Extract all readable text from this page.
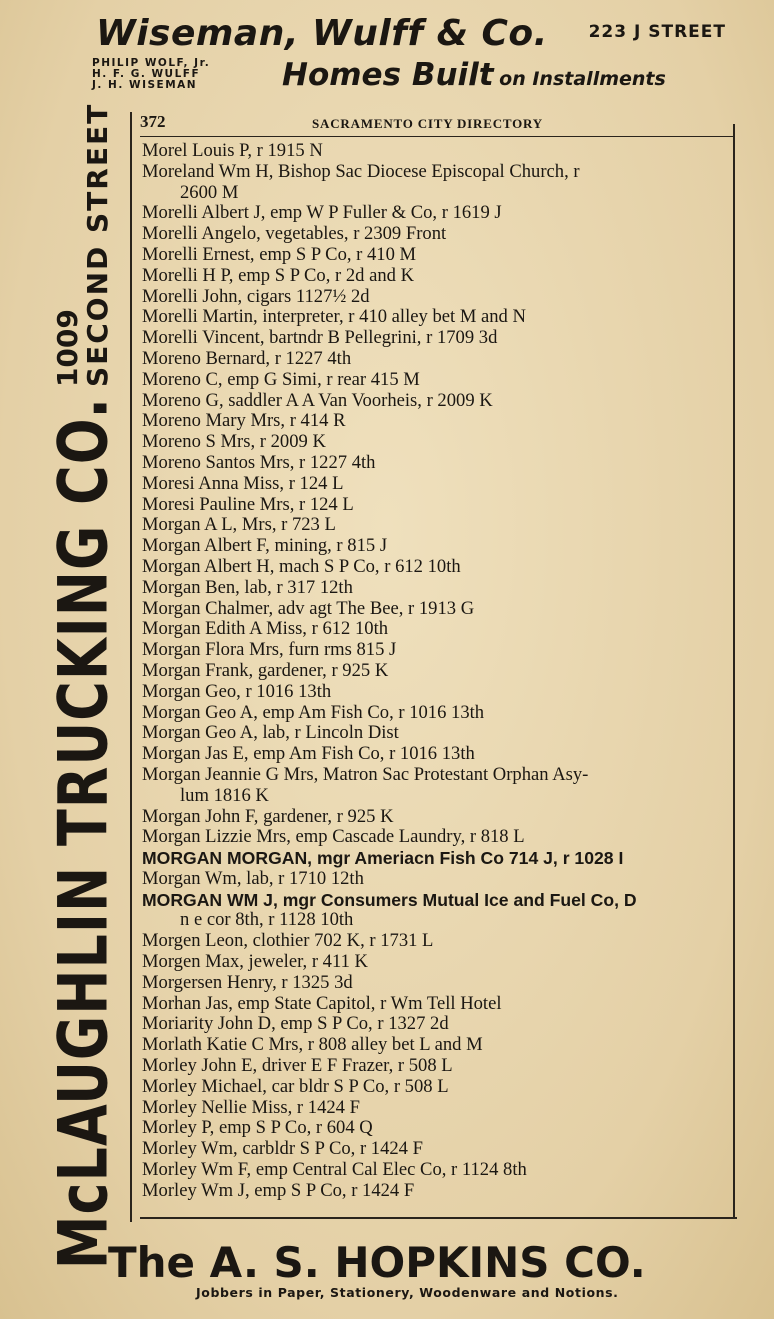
Wiseman, Wulff & Co. 223 J STREET
PHILIP WOLF, Jr.
H. F. G. WULFF
J. H. WISEMAN	Homes Built on Installments
McLAUGHLIN TRUCKING CO.
1009
SECOND STREET 372	SACRAMENTO CITY DIRECTORY
Morel Louis P, r 1915 N
Moreland Wm H, Bishop Sac Diocese Episcopal Church, r
2600 M
Morelli Albert J, emp W P Fuller & Co, r 1619 J
Morelli Angelo, vegetables, r 2309 Front
Morelli Ernest, emp S P Co, r 410 M
Morelli H P, emp S P Co, r 2d and K
Morelli John, cigars 1127½ 2d
Morelli Martin, interpreter, r 410 alley bet M and N
Morelli Vincent, bartndr B Pellegrini, r 1709 3d
Moreno Bernard, r 1227 4th
Moreno C, emp G Simi, r rear 415 M
Moreno G, saddler A A Van Voorheis, r 2009 K
Moreno Mary Mrs, r 414 R
Moreno S Mrs, r 2009 K
Moreno Santos Mrs, r 1227 4th
Moresi Anna Miss, r 124 L
Moresi Pauline Mrs, r 124 L
Morgan A L, Mrs, r 723 L
Morgan Albert F, mining, r 815 J
Morgan Albert H, mach S P Co, r 612 10th
Morgan Ben, lab, r 317 12th
Morgan Chalmer, adv agt The Bee, r 1913 G
Morgan Edith A Miss, r 612 10th
Morgan Flora Mrs, furn rms 815 J
Morgan Frank, gardener, r 925 K
Morgan Geo, r 1016 13th
Morgan Geo A, emp Am Fish Co, r 1016 13th
Morgan Geo A, lab, r Lincoln Dist
Morgan Jas E, emp Am Fish Co, r 1016 13th
Morgan Jeannie G Mrs, Matron Sac Protestant Orphan Asy-
lum 1816 K
Morgan John F, gardener, r 925 K
Morgan Lizzie Mrs, emp Cascade Laundry, r 818 L
MORGAN MORGAN, mgr Ameriacn Fish Co 714 J, r 1028 I
Morgan Wm, lab, r 1710 12th
MORGAN WM J, mgr Consumers Mutual Ice and Fuel Co, D
n e cor 8th, r 1128 10th
Morgen Leon, clothier 702 K, r 1731 L
Morgen Max, jeweler, r 411 K
Morgersen Henry, r 1325 3d
Morhan Jas, emp State Capitol, r Wm Tell Hotel
Moriarity John D, emp S P Co, r 1327 2d
Morlath Katie C Mrs, r 808 alley bet L and M
Morley John E, driver E F Frazer, r 508 L
Morley Michael, car bldr S P Co, r 508 L
Morley Nellie Miss, r 1424 F
Morley P, emp S P Co, r 604 Q
Morley Wm, carbldr S P Co, r 1424 F
Morley Wm F, emp Central Cal Elec Co, r 1124 8th
Morley Wm J, emp S P Co, r 1424 F
The A. S. HOPKINS CO.
Jobbers in Paper, Stationery, Woodenware and Notions.
